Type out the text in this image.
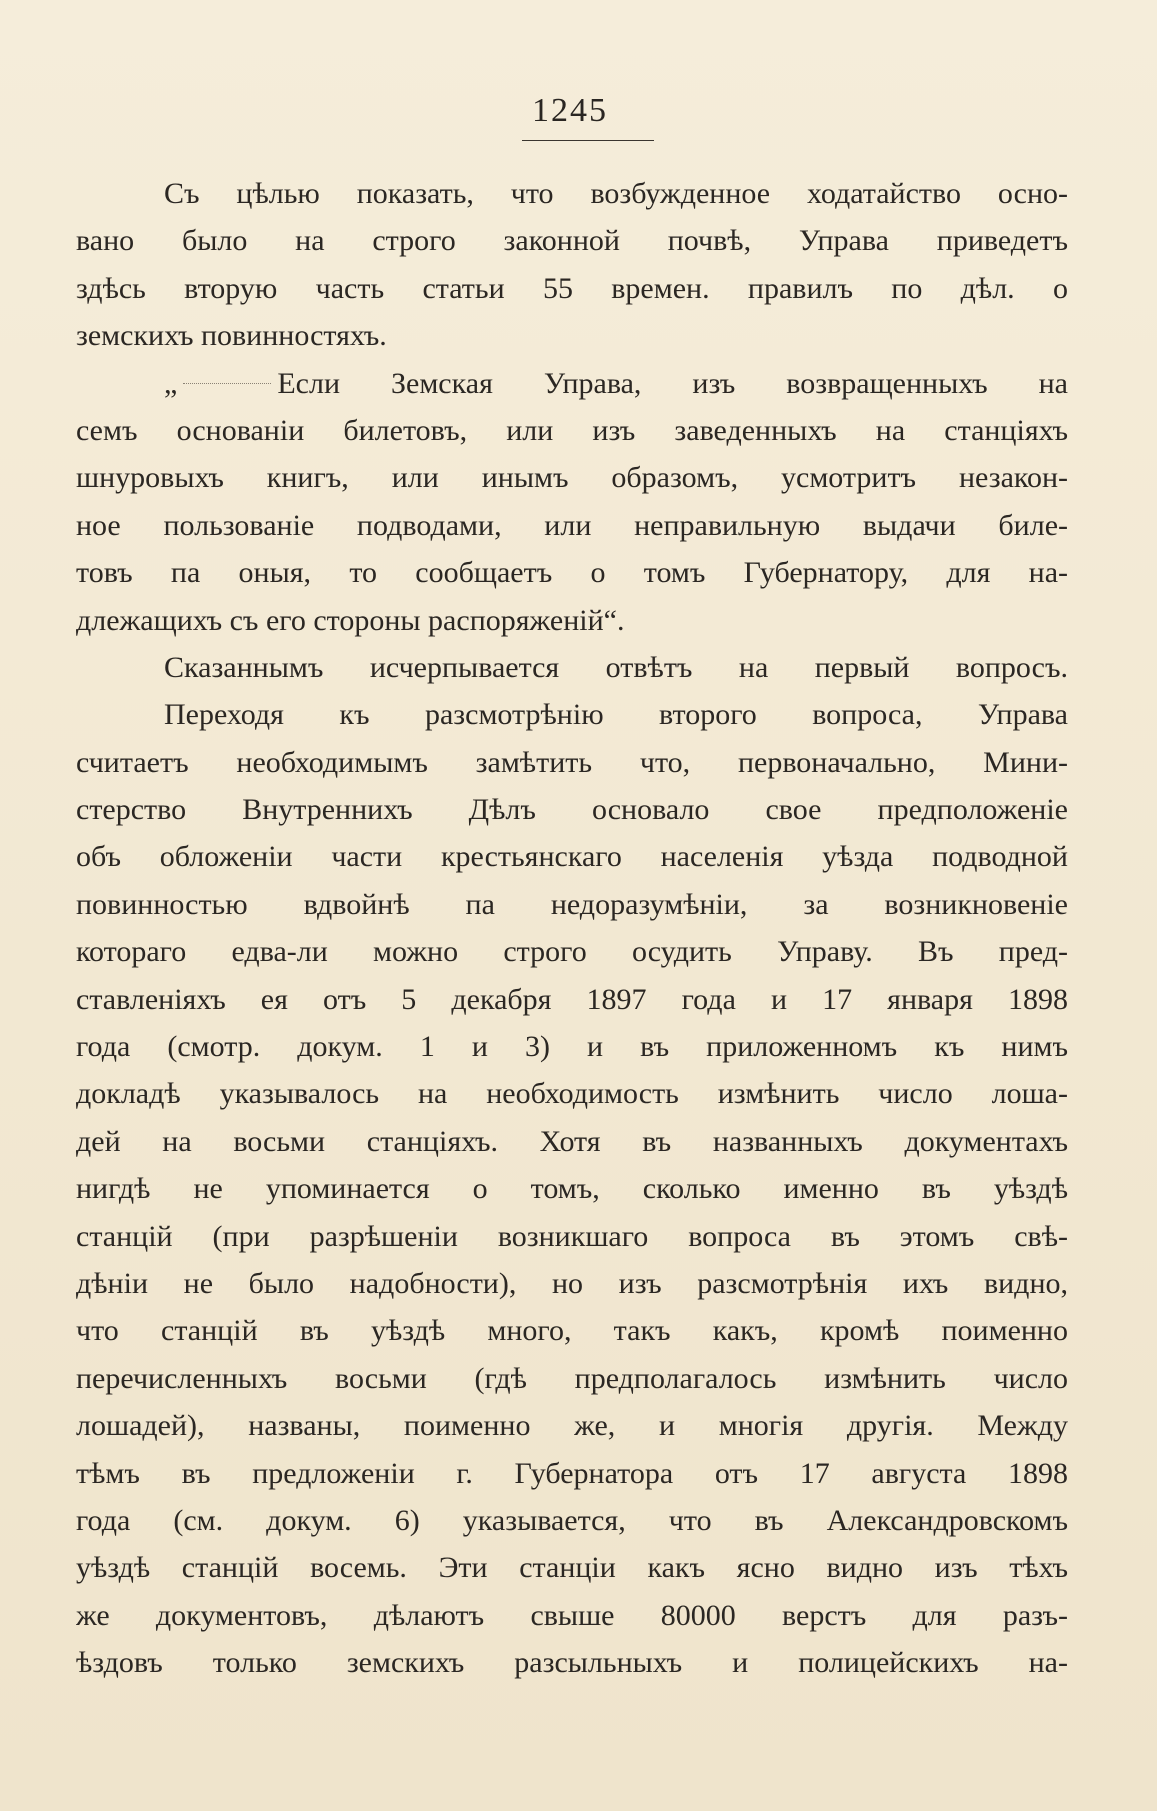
1245
Съ цѣлью показать, что возбужденное ходатайство осно-
вано было на строго законной почвѣ, Управа приведетъ
здѣсь вторую часть статьи 55 времен. правилъ по дѣл. о
земскихъ повинностяхъ.
„	Если Земская Управа, изъ возвращенныхъ на
семъ основаніи билетовъ, или изъ заведенныхъ на станціяхъ
шнуровыхъ книгъ, или инымъ образомъ, усмотритъ незакон-
ное пользованіе подводами, или неправильную выдачи биле-
товъ па оныя, то сообщаетъ о томъ Губернатору, для на-
длежащихъ съ его стороны распоряженій“.
Сказаннымъ исчерпывается отвѣтъ на первый вопросъ.
Переходя къ разсмотрѣнію второго вопроса, Управа
считаетъ необходимымъ замѣтить что, первоначально, Мини-
стерство Внутреннихъ Дѣлъ основало свое предположеніе
объ обложеніи части крестьянскаго населенія уѣзда подводной
повинностью вдвойнѣ па недоразумѣніи, за возникновеніе
котораго едва-ли можно строго осудить Управу. Въ пред-
ставленіяхъ ея отъ 5 декабря 1897 года и 17 января 1898
года (смотр. докум. 1 и 3) и въ приложенномъ къ нимъ
докладѣ указывалось на необходимость измѣнить число лоша-
дей на восьми станціяхъ. Хотя въ названныхъ документахъ
нигдѣ не упоминается о томъ, сколько именно въ уѣздѣ
станцій (при разрѣшеніи возникшаго вопроса въ этомъ свѣ-
дѣніи не было надобности), но изъ разсмотрѣнія ихъ видно,
что станцій въ уѣздѣ много, такъ какъ, кромѣ поименно
перечисленныхъ восьми (гдѣ предполагалось измѣнить число
лошадей), названы, поименно же, и многія другія. Между
тѣмъ въ предложеніи г. Губернатора отъ 17 августа 1898
года (см. докум. 6) указывается, что въ Александровскомъ
уѣздѣ станцій восемь. Эти станціи какъ ясно видно изъ тѣхъ
же документовъ, дѣлаютъ свыше 80000 верстъ для разъ-
ѣздовъ только земскихъ разсыльныхъ и полицейскихъ на-
